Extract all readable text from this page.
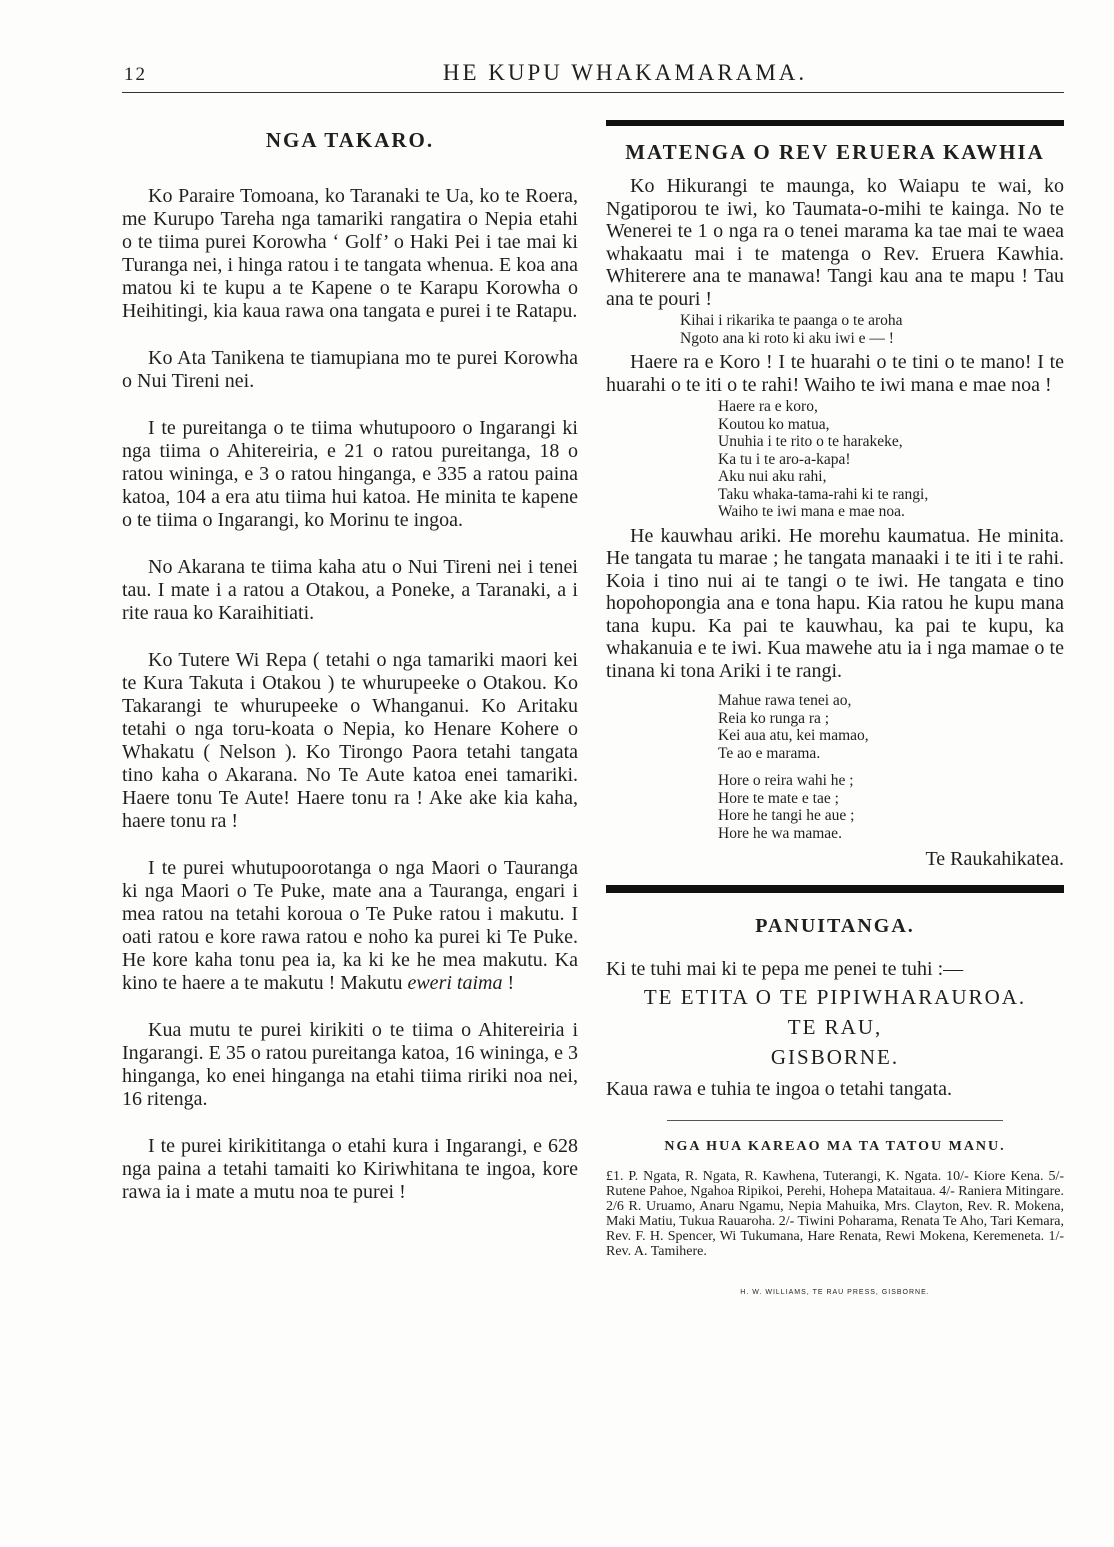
12	HE KUPU WHAKAMARAMA.
NGA TAKARO.

Ko Paraire Tomoana, ko Taranaki te Ua, ko te Roera, me Kurupo Tareha nga tamariki rangatira o Nepia etahi o te tiima purei Korowha ‘ Golf’ o Haki Pei i tae mai ki Turanga nei, i hinga ratou i te tangata whenua. E koa ana matou ki te kupu a te Kapene o te Karapu Korowha o Heihitingi, kia kaua rawa ona tangata e purei i te Ratapu.

Ko Ata Tanikena te tiamupiana mo te purei Korowha o Nui Tireni nei.

I te pureitanga o te tiima whutupooro o Ingarangi ki nga tiima o Ahitereiria, e 21 o ratou pureitanga, 18 o ratou wininga, e 3 o ratou hinganga, e 335 a ratou paina katoa, 104 a era atu tiima hui katoa. He minita te kapene o te tiima o Ingarangi, ko Morinu te ingoa.

No Akarana te tiima kaha atu o Nui Tireni nei i tenei tau. I mate i a ratou a Otakou, a Poneke, a Taranaki, a i rite raua ko Karaihitiati.

Ko Tutere Wi Repa ( tetahi o nga tamariki maori kei te Kura Takuta i Otakou ) te whurupeeke o Otakou. Ko Takarangi te whurupeeke o Whanganui. Ko Aritaku tetahi o nga toru-koata o Nepia, ko Henare Kohere o Whakatu ( Nelson ). Ko Tirongo Paora tetahi tangata tino kaha o Akarana. No Te Aute katoa enei tamariki. Haere tonu Te Aute! Haere tonu ra ! Ake ake kia kaha, haere tonu ra !

I te purei whutupoorotanga o nga Maori o Tauranga ki nga Maori o Te Puke, mate ana a Tauranga, engari i mea ratou na tetahi koroua o Te Puke ratou i makutu. I oati ratou e kore rawa ratou e noho ka purei ki Te Puke. He kore kaha tonu pea ia, ka ki ke he mea makutu. Ka kino te haere a te makutu ! Makutu eweri taima !

Kua mutu te purei kirikiti o te tiima o Ahitereiria i Ingarangi. E 35 o ratou pureitanga katoa, 16 wininga, e 3 hinganga, ko enei hinganga na etahi tiima ririki noa nei, 16 ritenga.

I te purei kirikititanga o etahi kura i Ingarangi, e 628 nga paina a tetahi tamaiti ko Kiriwhitana te ingoa, kore rawa ia i mate a mutu noa te purei !

MATENGA O REV ERUERA KAWHIA

Ko Hikurangi te maunga, ko Waiapu te wai, ko Ngatiporou te iwi, ko Taumata-o-mihi te kainga. No te Wenerei te 1 o nga ra o tenei marama ka tae mai te waea whakaatu mai i te matenga o Rev. Eruera Kawhia. Whiterere ana te manawa! Tangi kau ana te mapu ! Tau ana te pouri !

Kihai i rikarika te paanga o te aroha
Ngoto ana ki roto ki aku iwi e — !

Haere ra e Koro ! I te huarahi o te tini o te mano! I te huarahi o te iti o te rahi! Waiho te iwi mana e mae noa !

Haere ra e koro,
Koutou ko matua,
Unuhia i te rito o te harakeke,
Ka tu i te aro-a-kapa!
Aku nui aku rahi,
Taku whaka-tama-rahi ki te rangi,
Waiho te iwi mana e mae noa.

He kauwhau ariki. He morehu kaumatua. He minita. He tangata tu marae ; he tangata manaaki i te iti i te rahi. Koia i tino nui ai te tangi o te iwi. He tangata e tino hopohopongia ana e tona hapu. Kia ratou he kupu mana tana kupu. Ka pai te kauwhau, ka pai te kupu, ka whakanuia e te iwi. Kua mawehe atu ia i nga mamae o te tinana ki tona Ariki i te rangi.

Mahue rawa tenei ao,
Reia ko runga ra ;
Kei aua atu, kei mamao,
Te ao e marama.
Hore o reira wahi he ;
Hore te mate e tae ;
Hore he tangi he aue ;
Hore he wa mamae.

Te Raukahikatea.

PANUITANGA.

Ki te tuhi mai ki te pepa me penei te tuhi :—

TE ETITA O TE PIPIWHARAUROA.

TE RAU,

GISBORNE.

Kaua rawa e tuhia te ingoa o tetahi tangata.

NGA HUA KAREAO MA TA TATOU MANU.

£1. P. Ngata, R. Ngata, R. Kawhena, Tuterangi, K. Ngata. 10/- Kiore Kena. 5/- Rutene Pahoe, Ngahoa Ripikoi, Perehi, Hohepa Mataitaua. 4/- Raniera Mitingare. 2/6 R. Uruamo, Anaru Ngamu, Nepia Mahuika, Mrs. Clayton, Rev. R. Mokena, Maki Matiu, Tukua Rauaroha. 2/- Tiwini Poharama, Renata Te Aho, Tari Kemara, Rev. F. H. Spencer, Wi Tukumana, Hare Renata, Rewi Mokena, Keremeneta. 1/- Rev. A. Tamihere.

H. W. WILLIAMS, TE RAU PRESS, GISBORNE.
